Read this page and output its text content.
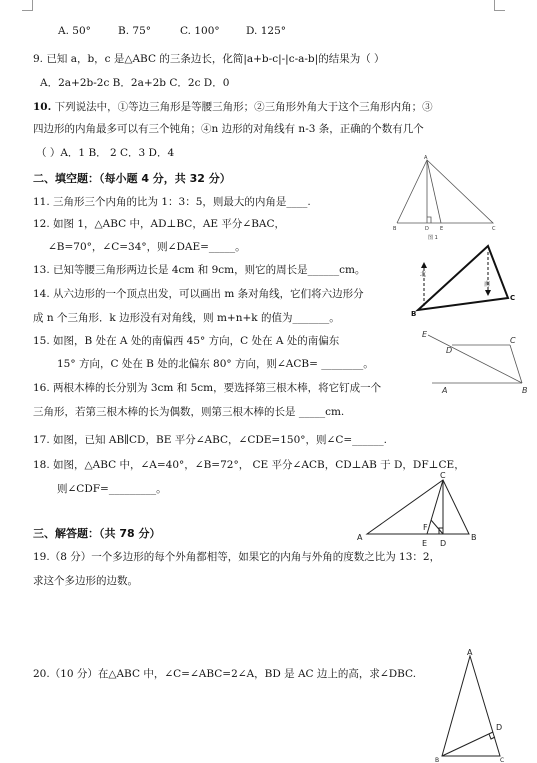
A. 50°	B. 75°	C. 100°	D. 125°
9. 已知 a，b，c 是△ABC 的三条边长，化简|a+b-c|-|c-a-b|的结果为（ ）
A．2a+2b-2c B．2a+2b C．2c D．0
10. 下列说法中，①等边三角形是等腰三角形；②三角形外角大于这个三角形内角；③
四边形的内角最多可以有三个钝角；④n 边形的对角线有 n-3 条，正确的个数有几个
（ ）A．1 B． 2 C．3 D．4
二、填空题：（每小题 4 分，共 32 分）
11. 三角形三个内角的比为 1：3：5，则最大的内角是____.
12. 如图 1，△ABC 中，AD⊥BC，AE 平分∠BAC，
∠B=70°，∠C=34°，则∠DAE=_____。
13. 已知等腰三角形两边长是 4cm 和 9cm，则它的周长是______cm。
14. 从六边形的一个顶点出发，可以画出 m 条对角线，它们将六边形分
成 n 个三角形．k 边形没有对角线，则 m+n+k 的值为_______。
15. 如图，B 处在 A 处的南偏西 45° 方向，C 处在 A 处的南偏东
15° 方向，C 处在 B 处的北偏东 80° 方向，则∠ACB= ________。
16. 两根木棒的长分别为 3cm 和 5cm，要选择第三根木棒，将它钉成一个
三角形，若第三根木棒的长为偶数，则第三根木棒的长是 _____cm.
17. 如图，已知 AB∥CD，BE 平分∠ABC，∠CDE=150°，则∠C=______.
18. 如图，△ABC 中，∠A=40°，∠B=72°， CE 平分∠ACB，CD⊥AB 于 D，DF⊥CE，
则∠CDF=_________。
三、解答题：（共 78 分）
19.（8 分）一个多边形的每个外角都相等，如果它的内角与外角的度数之比为 13：2，
求这个多边形的边数。
20.（10 分）在△ABC 中，∠C=∠ABC=2∠A，BD 是 AC 边上的高，求∠DBC.
A
B	D E	C
图 1
北
南
B
C
E
D
C
A	B
C
A	B
F
E D
A
D
B	C
